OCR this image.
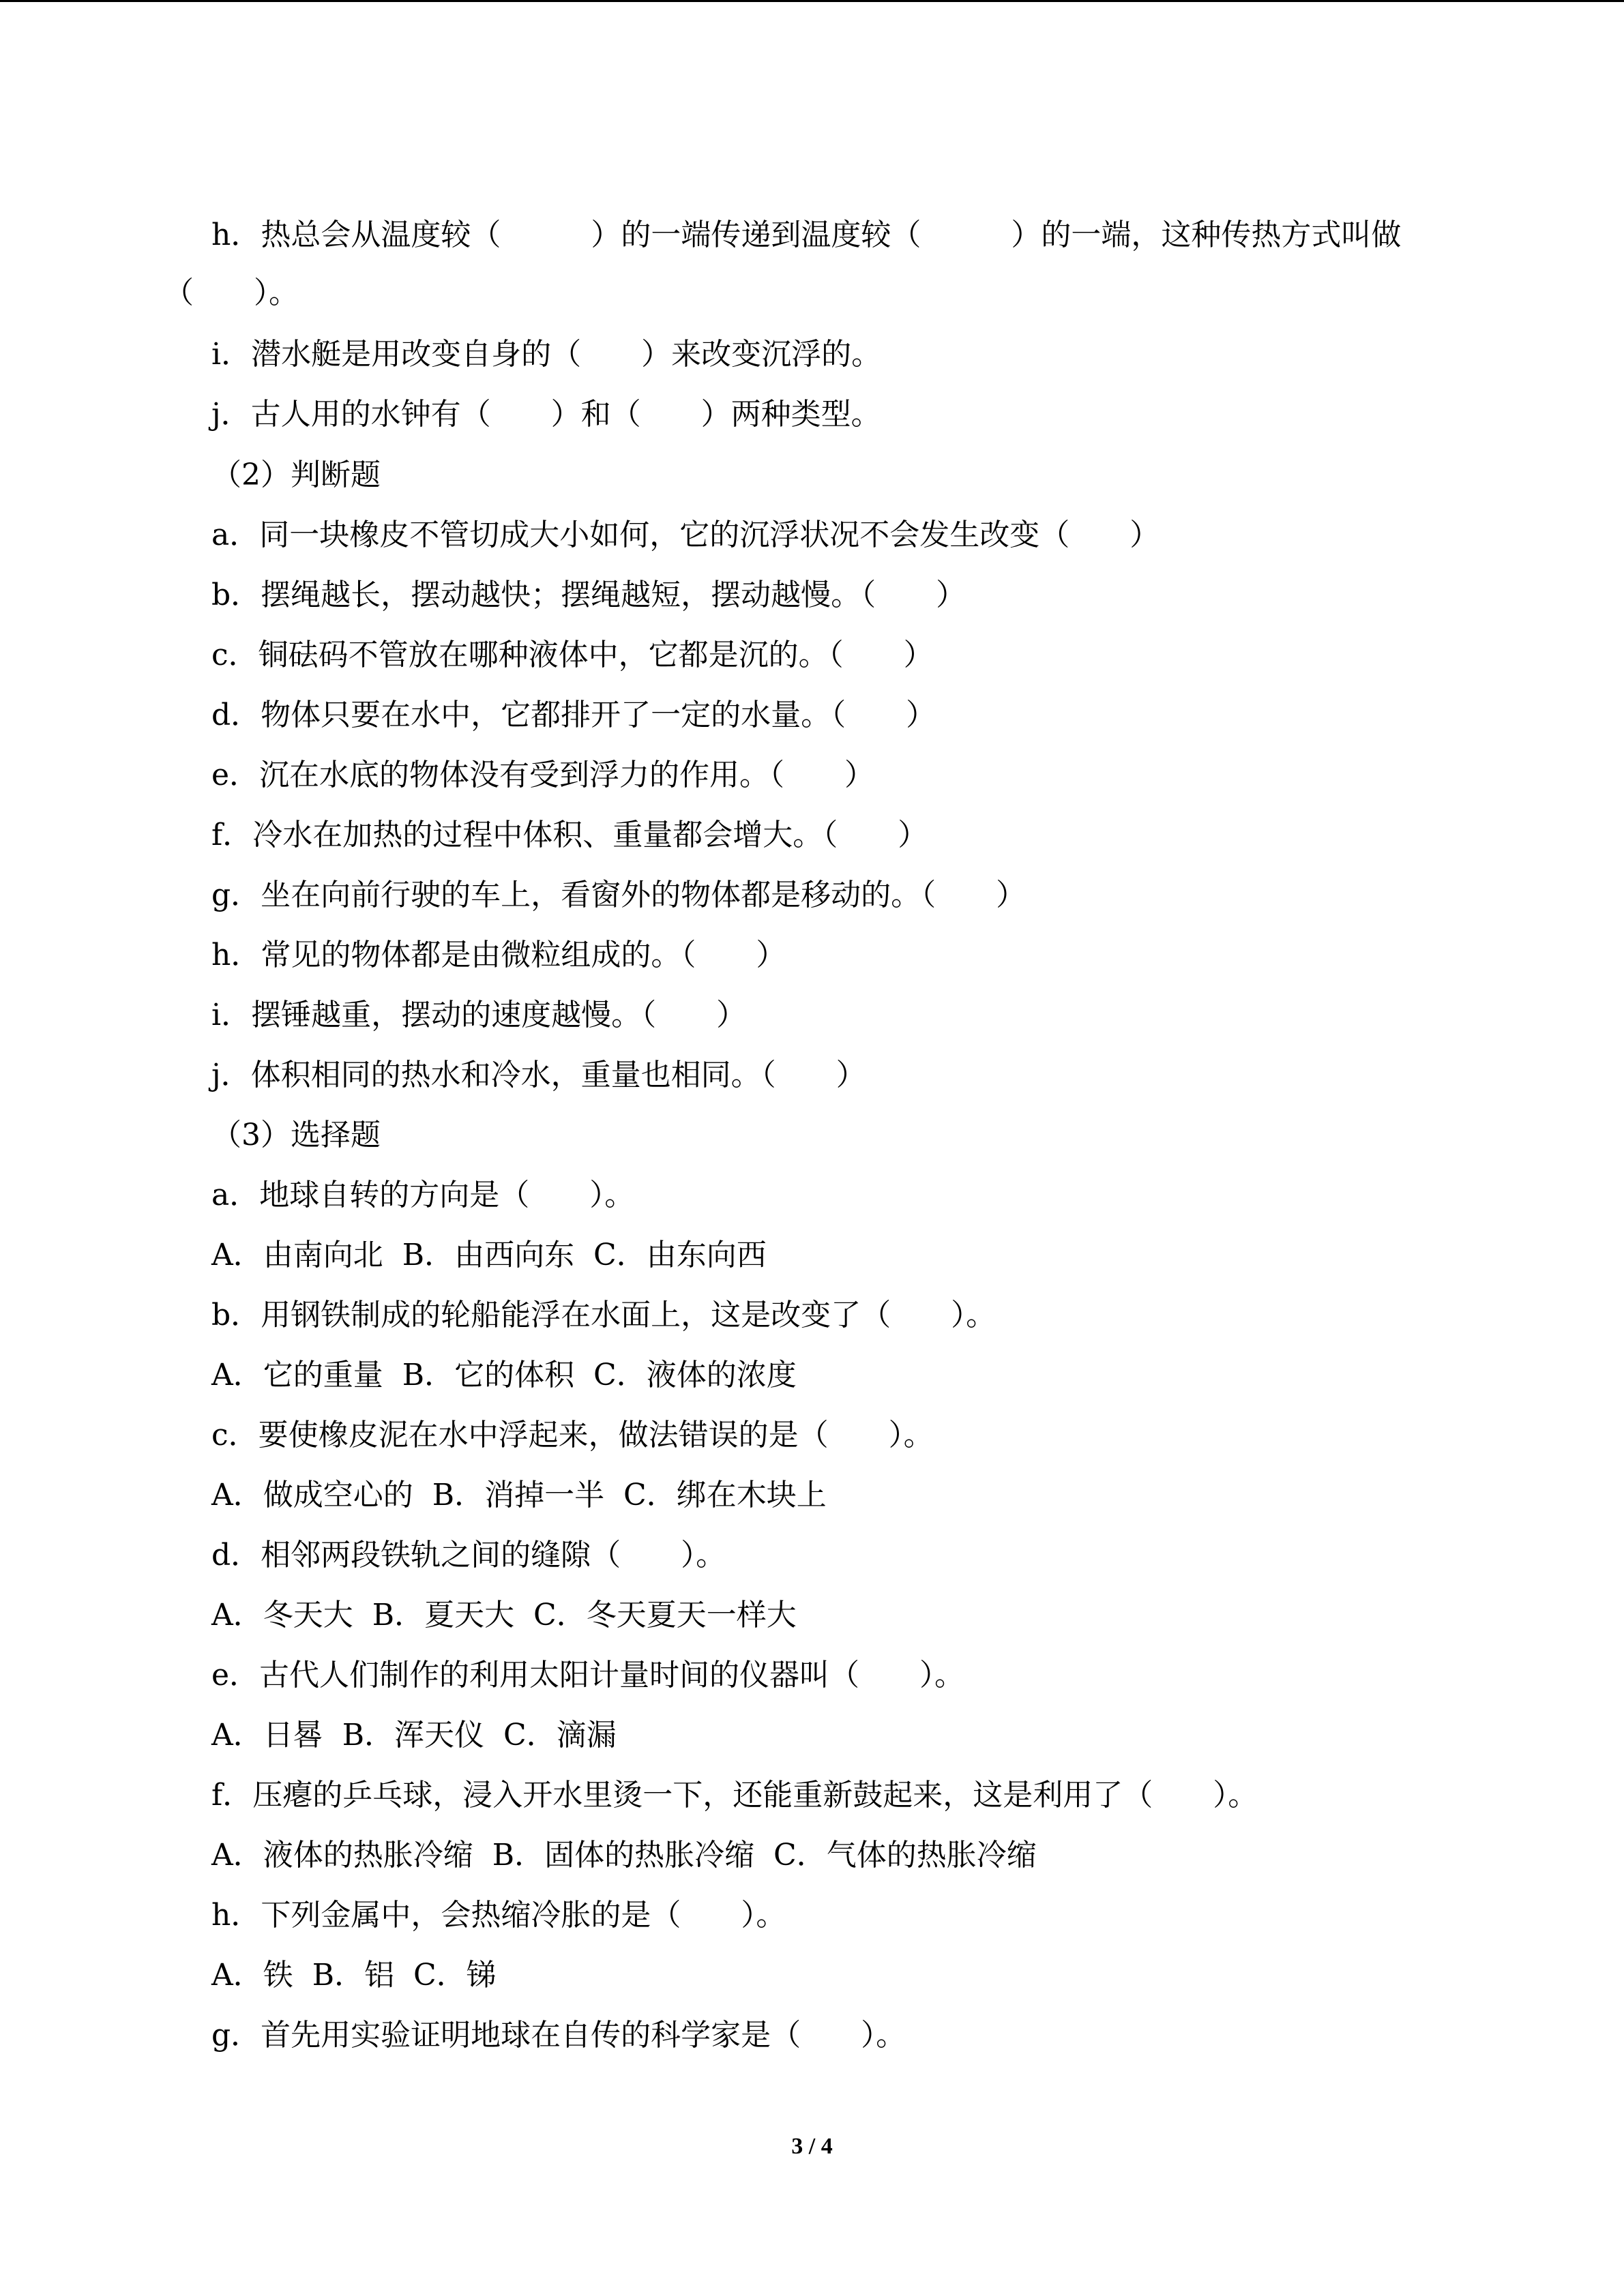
h．热总会从温度较（　　　）的一端传递到温度较（　　　）的一端，这种传热方式叫做
（　　）。
i．潜水艇是用改变自身的（　　）来改变沉浮的。
j．古人用的水钟有（　　）和（　　）两种类型。
（2）判断题
a．同一块橡皮不管切成大小如何，它的沉浮状况不会发生改变（　　）
b．摆绳越长，摆动越快；摆绳越短，摆动越慢。（　　）
c．铜砝码不管放在哪种液体中，它都是沉的。（　　）
d．物体只要在水中，它都排开了一定的水量。（　　）
e．沉在水底的物体没有受到浮力的作用。（　　）
f．冷水在加热的过程中体积、重量都会增大。（　　）
g．坐在向前行驶的车上，看窗外的物体都是移动的。（　　）
h．常见的物体都是由微粒组成的。（　　）
i．摆锤越重，摆动的速度越慢。（　　）
j．体积相同的热水和冷水，重量也相同。（　　）
（3）选择题
a．地球自转的方向是（　　）。
A．由南向北  B．由西向东  C．由东向西
b．用钢铁制成的轮船能浮在水面上，这是改变了（　　）。
A．它的重量  B．它的体积  C．液体的浓度
c．要使橡皮泥在水中浮起来，做法错误的是（　　）。
A．做成空心的  B．消掉一半  C．绑在木块上
d．相邻两段铁轨之间的缝隙（　　）。
A．冬天大  B．夏天大  C．冬天夏天一样大
e．古代人们制作的利用太阳计量时间的仪器叫（　　）。
A．日晷  B．浑天仪  C．滴漏
f．压瘪的乒乓球，浸入开水里烫一下，还能重新鼓起来，这是利用了（　　）。
A．液体的热胀冷缩  B．固体的热胀冷缩  C．气体的热胀冷缩
h．下列金属中，会热缩冷胀的是（　　）。
A．铁  B．铝  C．锑
g．首先用实验证明地球在自传的科学家是（　　）。
3 / 4
